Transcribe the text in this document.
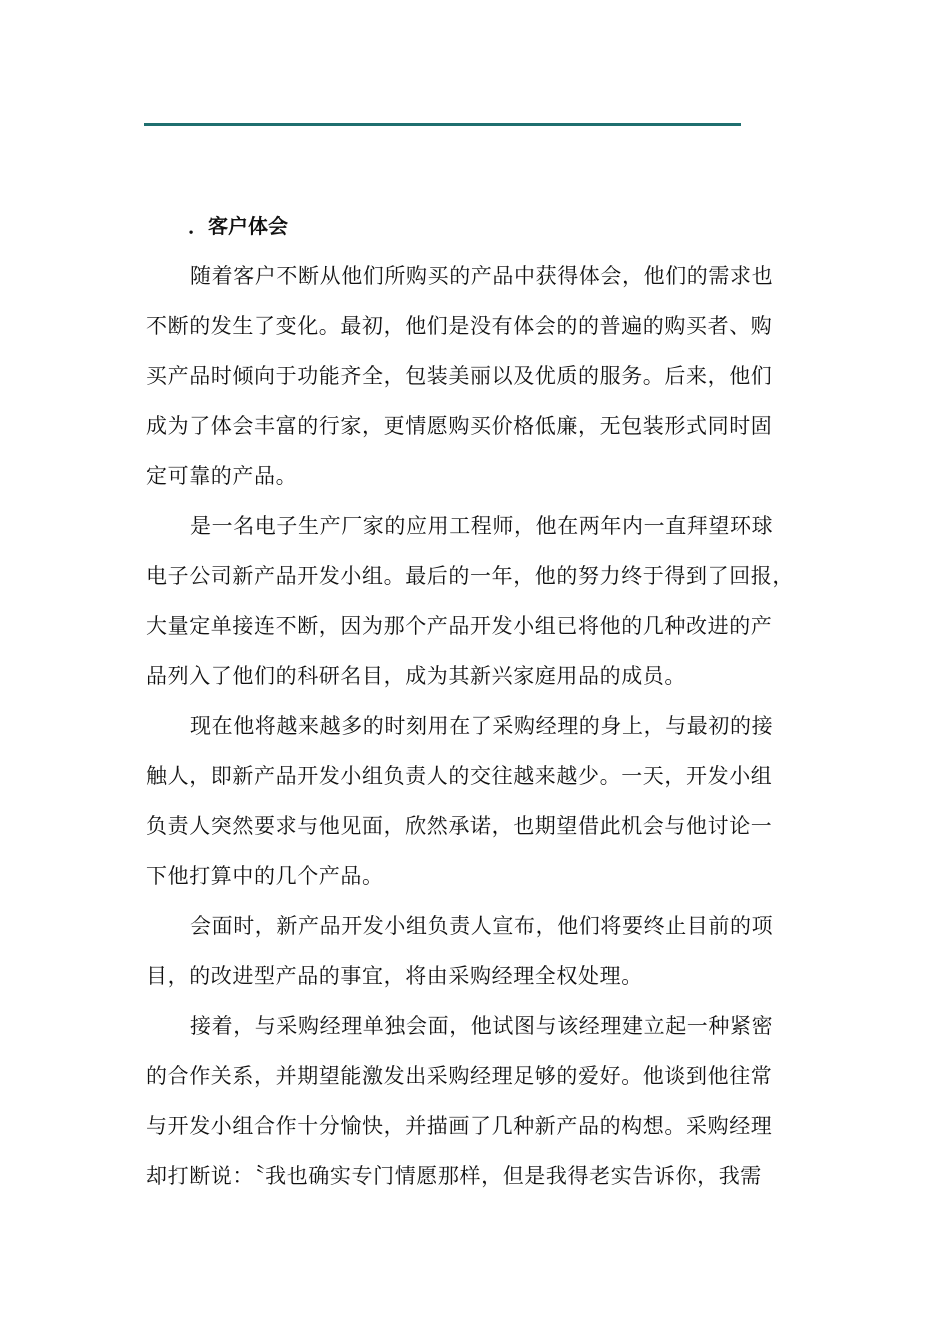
．客户体会

随着客户不断从他们所购买的产品中获得体会，他们的需求也
不断的发生了变化。最初，他们是没有体会的的普遍的购买者、购
买产品时倾向于功能齐全，包装美丽以及优质的服务。后来，他们
成为了体会丰富的行家，更情愿购买价格低廉，无包装形式同时固
定可靠的产品。

是一名电子生产厂家的应用工程师，他在两年内一直拜望环球
电子公司新产品开发小组。最后的一年，他的努力终于得到了回报，
大量定单接连不断，因为那个产品开发小组已将他的几种改进的产
品列入了他们的科研名目，成为其新兴家庭用品的成员。

现在他将越来越多的时刻用在了采购经理的身上，与最初的接
触人，即新产品开发小组负责人的交往越来越少。一天，开发小组
负责人突然要求与他见面，欣然承诺，也期望借此机会与他讨论一
下他打算中的几个产品。

会面时，新产品开发小组负责人宣布，他们将要终止目前的项
目，的改进型产品的事宜，将由采购经理全权处理。

接着，与采购经理单独会面，他试图与该经理建立起一种紧密
的合作关系，并期望能激发出采购经理足够的爱好。他谈到他往常
与开发小组合作十分愉快，并描画了几种新产品的构想。采购经理
却打断说：〝我也确实专门情愿那样，但是我得老实告诉你，我需
